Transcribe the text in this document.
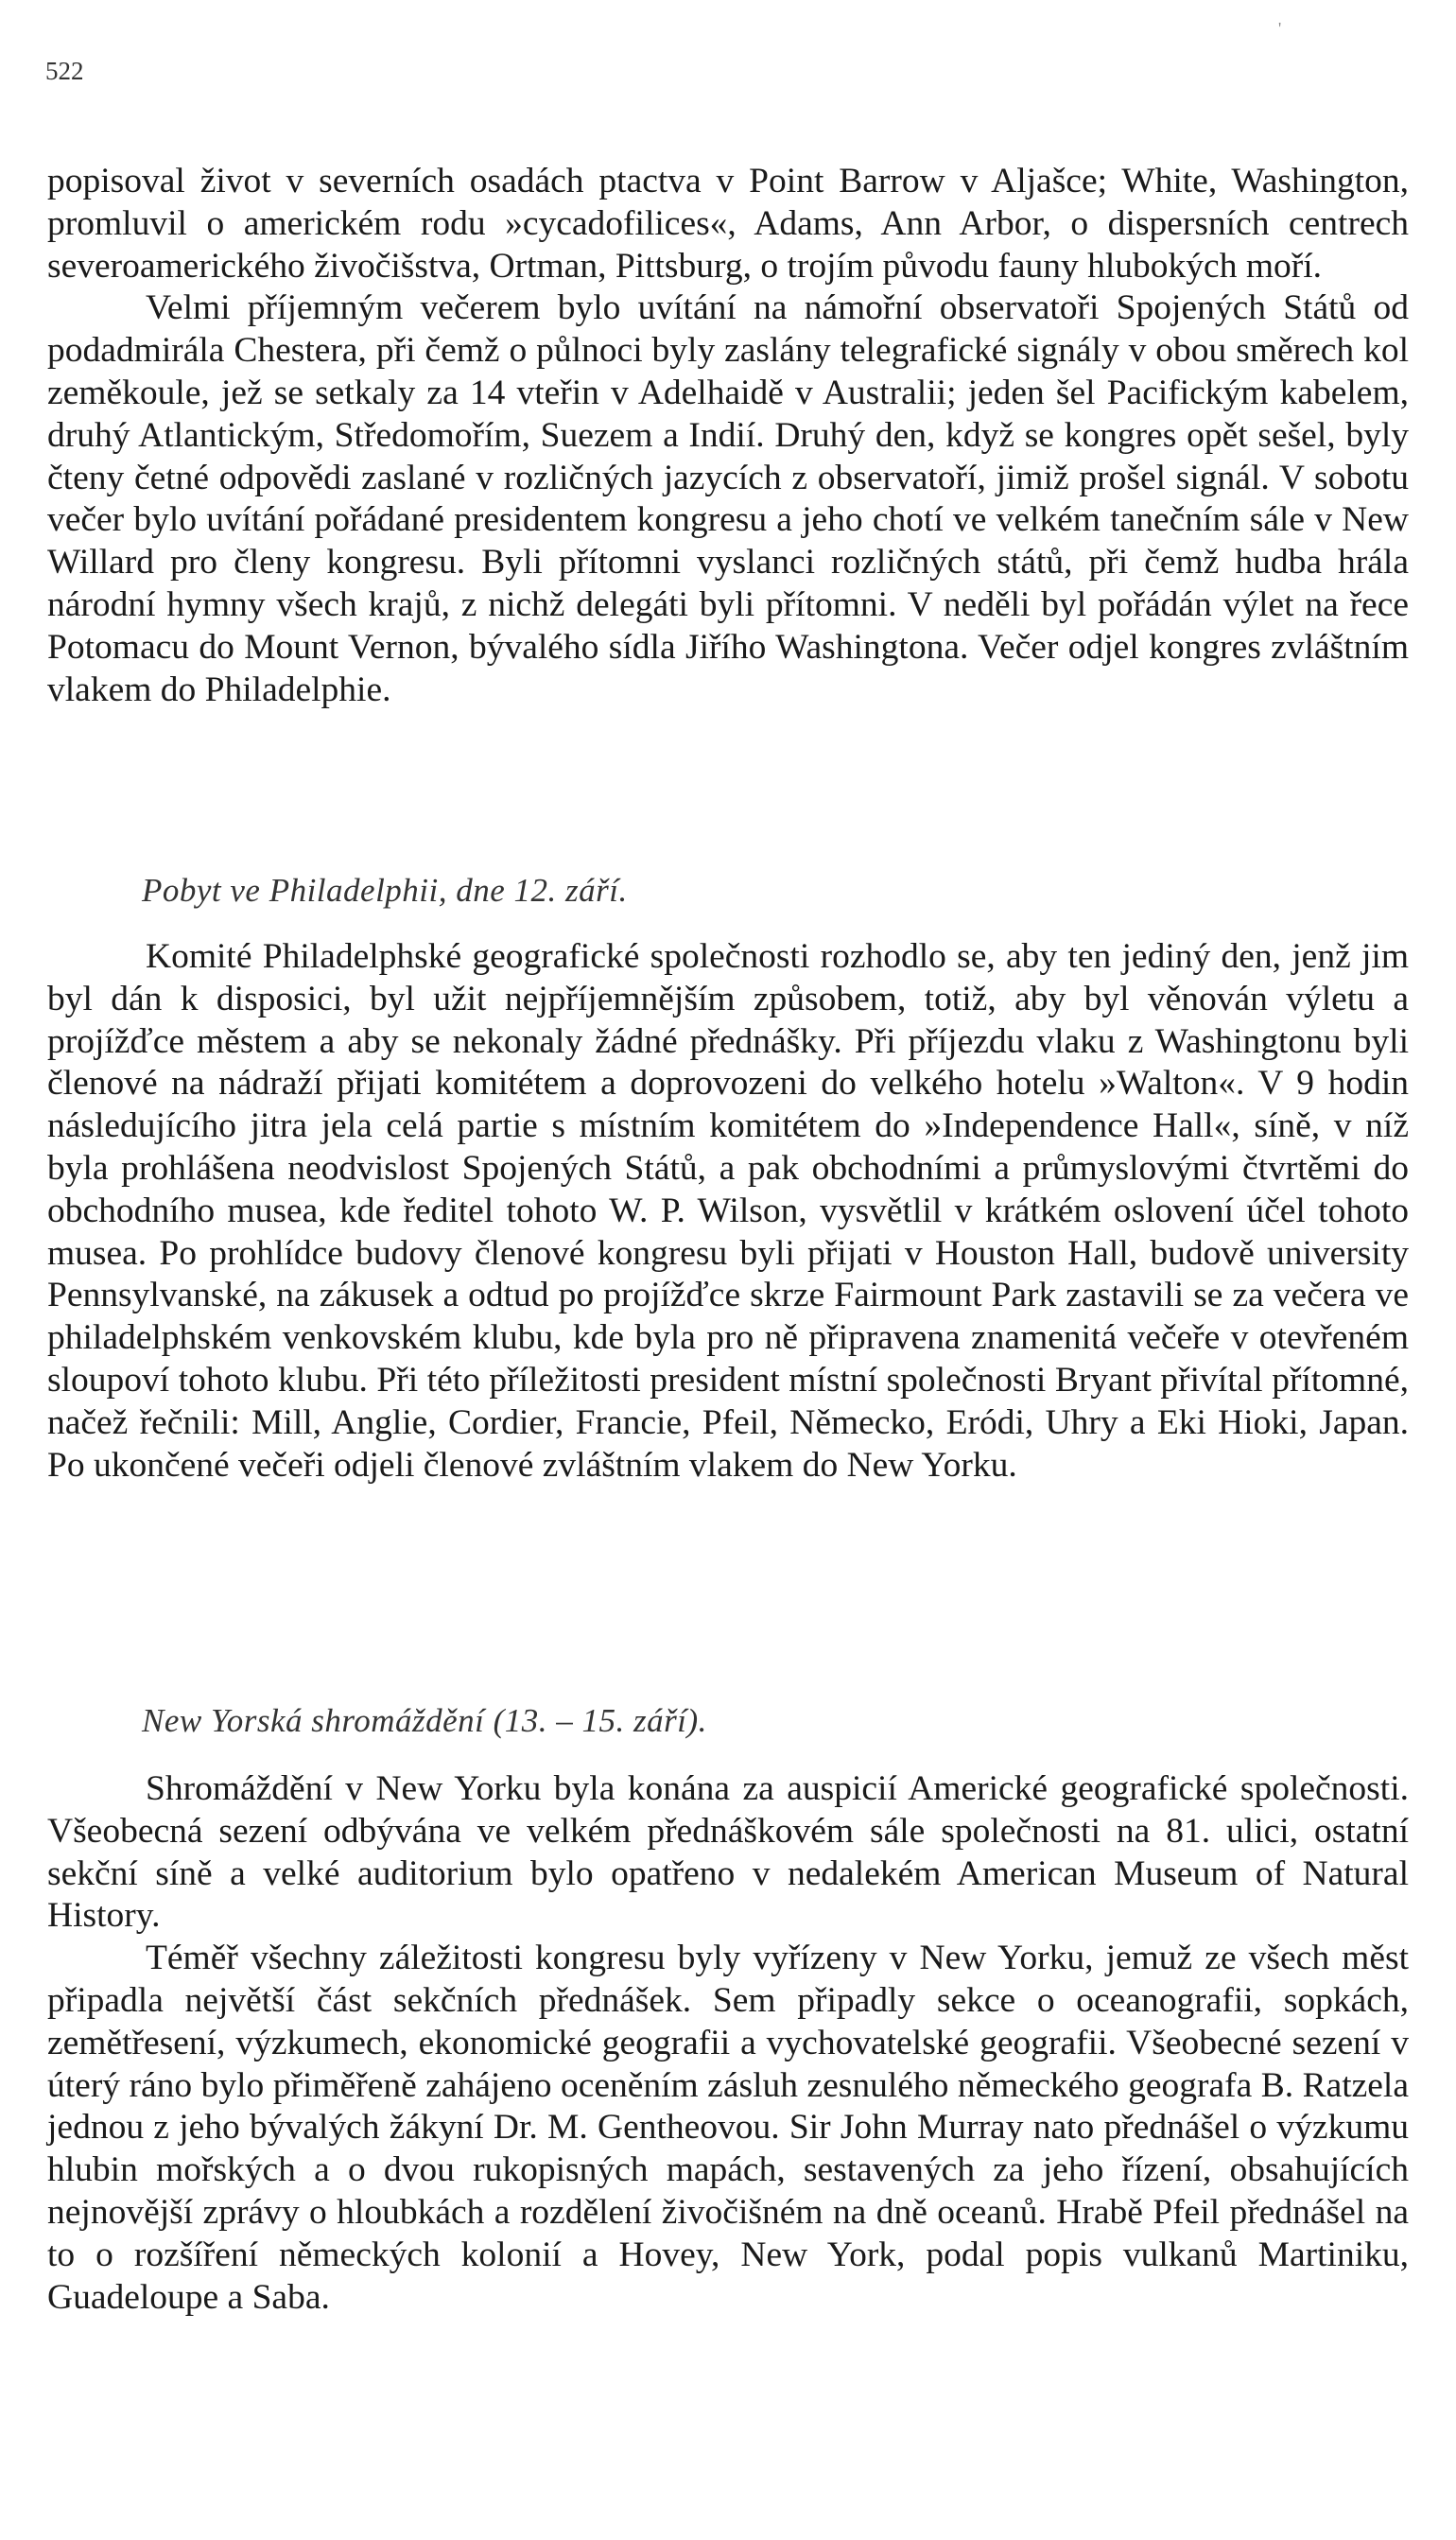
522
'

popisoval život v severních osadách ptactva v Point Barrow v Aljašce; White, Washington, promluvil o americkém rodu »cycadofilices«, Adams, Ann Arbor, o dispersních centrech severoamerického živočišstva, Ortman, Pittsburg, o trojím původu fauny hlubokých moří.

Velmi příjemným večerem bylo uvítání na námořní observatoři Spojených Států od podadmirála Chestera, při čemž o půlnoci byly zaslány telegrafické signály v obou směrech kol zeměkoule, jež se setkaly za 14 vteřin v Adelhaidě v Australii; jeden šel Pacifickým kabelem, druhý Atlantickým, Středomořím, Suezem a Indií. Druhý den, když se kongres opět sešel, byly čteny četné odpovědi zaslané v rozličných jazycích z observatoří, jimiž prošel signál. V sobotu večer bylo uvítání pořádané presidentem kongresu a jeho chotí ve velkém tanečním sále v New Willard pro členy kongresu. Byli přítomni vyslanci rozličných států, při čemž hudba hrála národní hymny všech krajů, z nichž delegáti byli přítomni. V neděli byl pořádán výlet na řece Potomacu do Mount Vernon, bývalého sídla Jiřího Washingtona. Večer odjel kongres zvláštním vlakem do Philadelphie.

Pobyt ve Philadelphii, dne 12. září.

Komité Philadelphské geografické společnosti rozhodlo se, aby ten jediný den, jenž jim byl dán k disposici, byl užit nejpříjemnějším způsobem, totiž, aby byl věnován výletu a projížďce městem a aby se nekonaly žádné přednášky. Při příjezdu vlaku z Washingtonu byli členové na nádraží přijati komitétem a doprovozeni do velkého hotelu »Walton«. V 9 hodin následujícího jitra jela celá partie s místním komitétem do »Independence Hall«, síně, v níž byla prohlášena neodvislost Spojených Států, a pak obchodními a průmyslovými čtvrtěmi do obchodního musea, kde ředitel tohoto W. P. Wilson, vysvětlil v krátkém oslovení účel tohoto musea. Po prohlídce budovy členové kongresu byli přijati v Houston Hall, budově university Pennsylvanské, na zákusek a odtud po projížďce skrze Fairmount Park zastavili se za večera ve philadelphském venkovském klubu, kde byla pro ně připravena znamenitá večeře v otevřeném sloupoví tohoto klubu. Při této příležitosti president místní společnosti Bryant přivítal přítomné, načež řečnili: Mill, Anglie, Cordier, Francie, Pfeil, Německo, Eródi, Uhry a Eki Hioki, Japan. Po ukončené večeři odjeli členové zvláštním vlakem do New Yorku.

New Yorská shromáždění (13. – 15. září).

Shromáždění v New Yorku byla konána za auspicií Americké geografické společnosti. Všeobecná sezení odbývána ve velkém přednáškovém sále společnosti na 81. ulici, ostatní sekční síně a velké auditorium bylo opatřeno v nedalekém American Museum of Natural History.

Téměř všechny záležitosti kongresu byly vyřízeny v New Yorku, jemuž ze všech měst připadla největší část sekčních přednášek. Sem připadly sekce o oceanografii, sopkách, zemětřesení, výzkumech, ekonomické geografii a vychovatelské geografii. Všeobecné sezení v úterý ráno bylo přiměřeně zahájeno oceněním zásluh zesnulého německého geografa B. Ratzela jednou z jeho bývalých žákyní Dr. M. Gentheovou. Sir John Murray nato přednášel o výzkumu hlubin mořských a o dvou rukopisných mapách, sestavených za jeho řízení, obsahujících nejnovější zprávy o hloubkách a rozdělení živočišném na dně oceanů. Hrabě Pfeil přednášel na to o rozšíření německých kolonií a Hovey, New York, podal popis vulkanů Martiniku, Guadeloupe a Saba.
